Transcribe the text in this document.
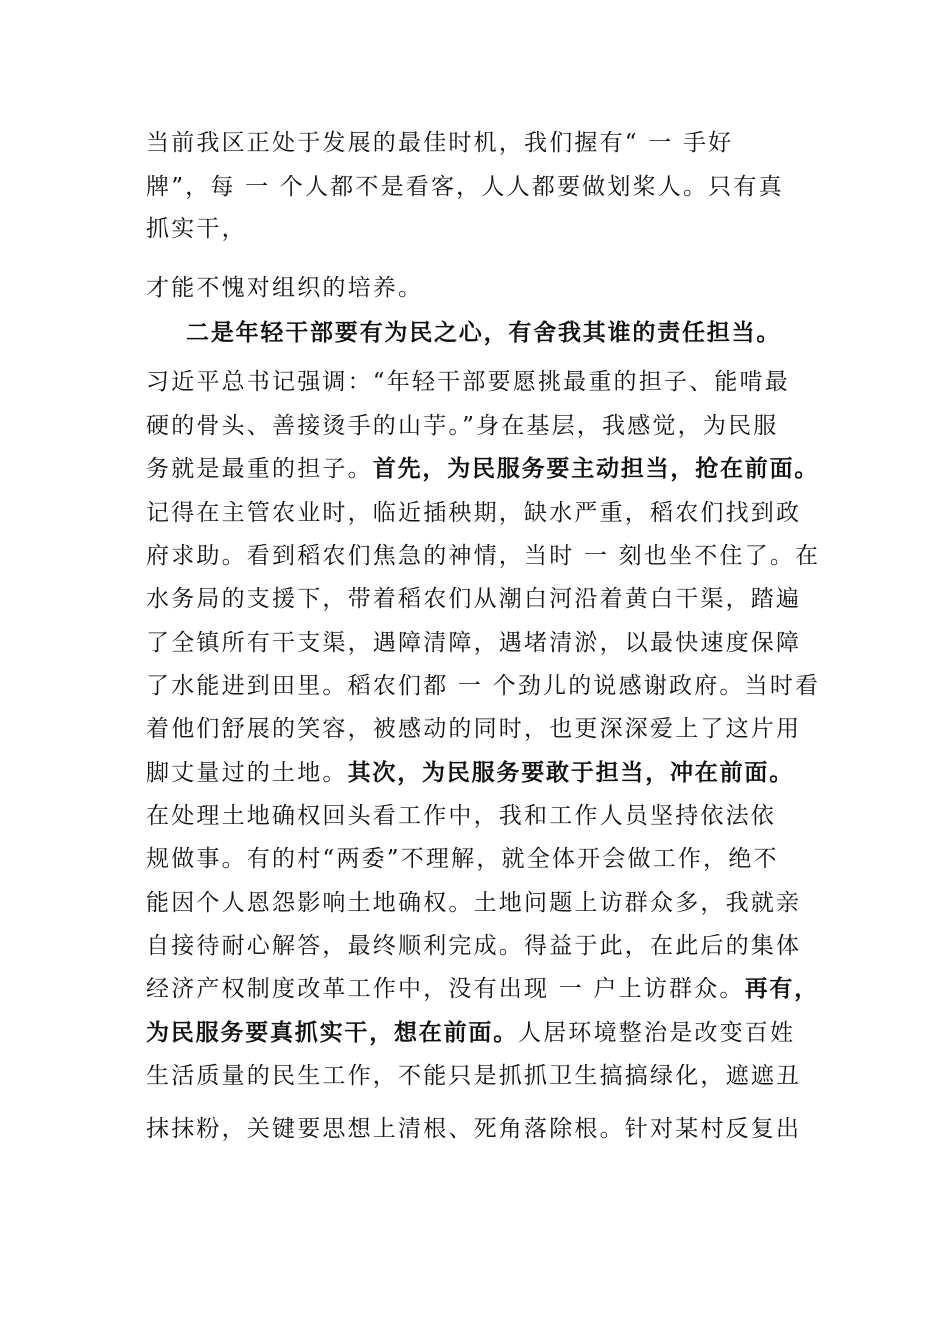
当前我区正处于发展的最佳时机，我们握有“ 一 手好
牌”，每 一 个人都不是看客，人人都要做划桨人。只有真
抓实干，
才能不愧对组织的培养。
二是年轻干部要有为民之心，有舍我其谁的责任担当。
习近平总书记强调：“年轻干部要愿挑最重的担子、能啃最
硬的骨头、善接烫手的山芋。”身在基层，我感觉，为民服
务就是最重的担子。首先，为民服务要主动担当，抢在前面。
记得在主管农业时，临近插秧期，缺水严重，稻农们找到政
府求助。看到稻农们焦急的神情，当时 一 刻也坐不住了。在
水务局的支援下，带着稻农们从潮白河沿着黄白干渠，踏遍
了全镇所有干支渠，遇障清障，遇堵清淤，以最快速度保障
了水能进到田里。稻农们都 一 个劲儿的说感谢政府。当时看
着他们舒展的笑容，被感动的同时，也更深深爱上了这片用
脚丈量过的土地。其次，为民服务要敢于担当，冲在前面。
在处理土地确权回头看工作中，我和工作人员坚持依法依
规做事。有的村“两委”不理解，就全体开会做工作，绝不
能因个人恩怨影响土地确权。土地问题上访群众多，我就亲
自接待耐心解答，最终顺利完成。得益于此，在此后的集体
经济产权制度改革工作中，没有出现 一 户上访群众。再有，
为民服务要真抓实干，想在前面。人居环境整治是改变百姓
生活质量的民生工作，不能只是抓抓卫生搞搞绿化，遮遮丑
抹抹粉，关键要思想上清根、死角落除根。针对某村反复出
